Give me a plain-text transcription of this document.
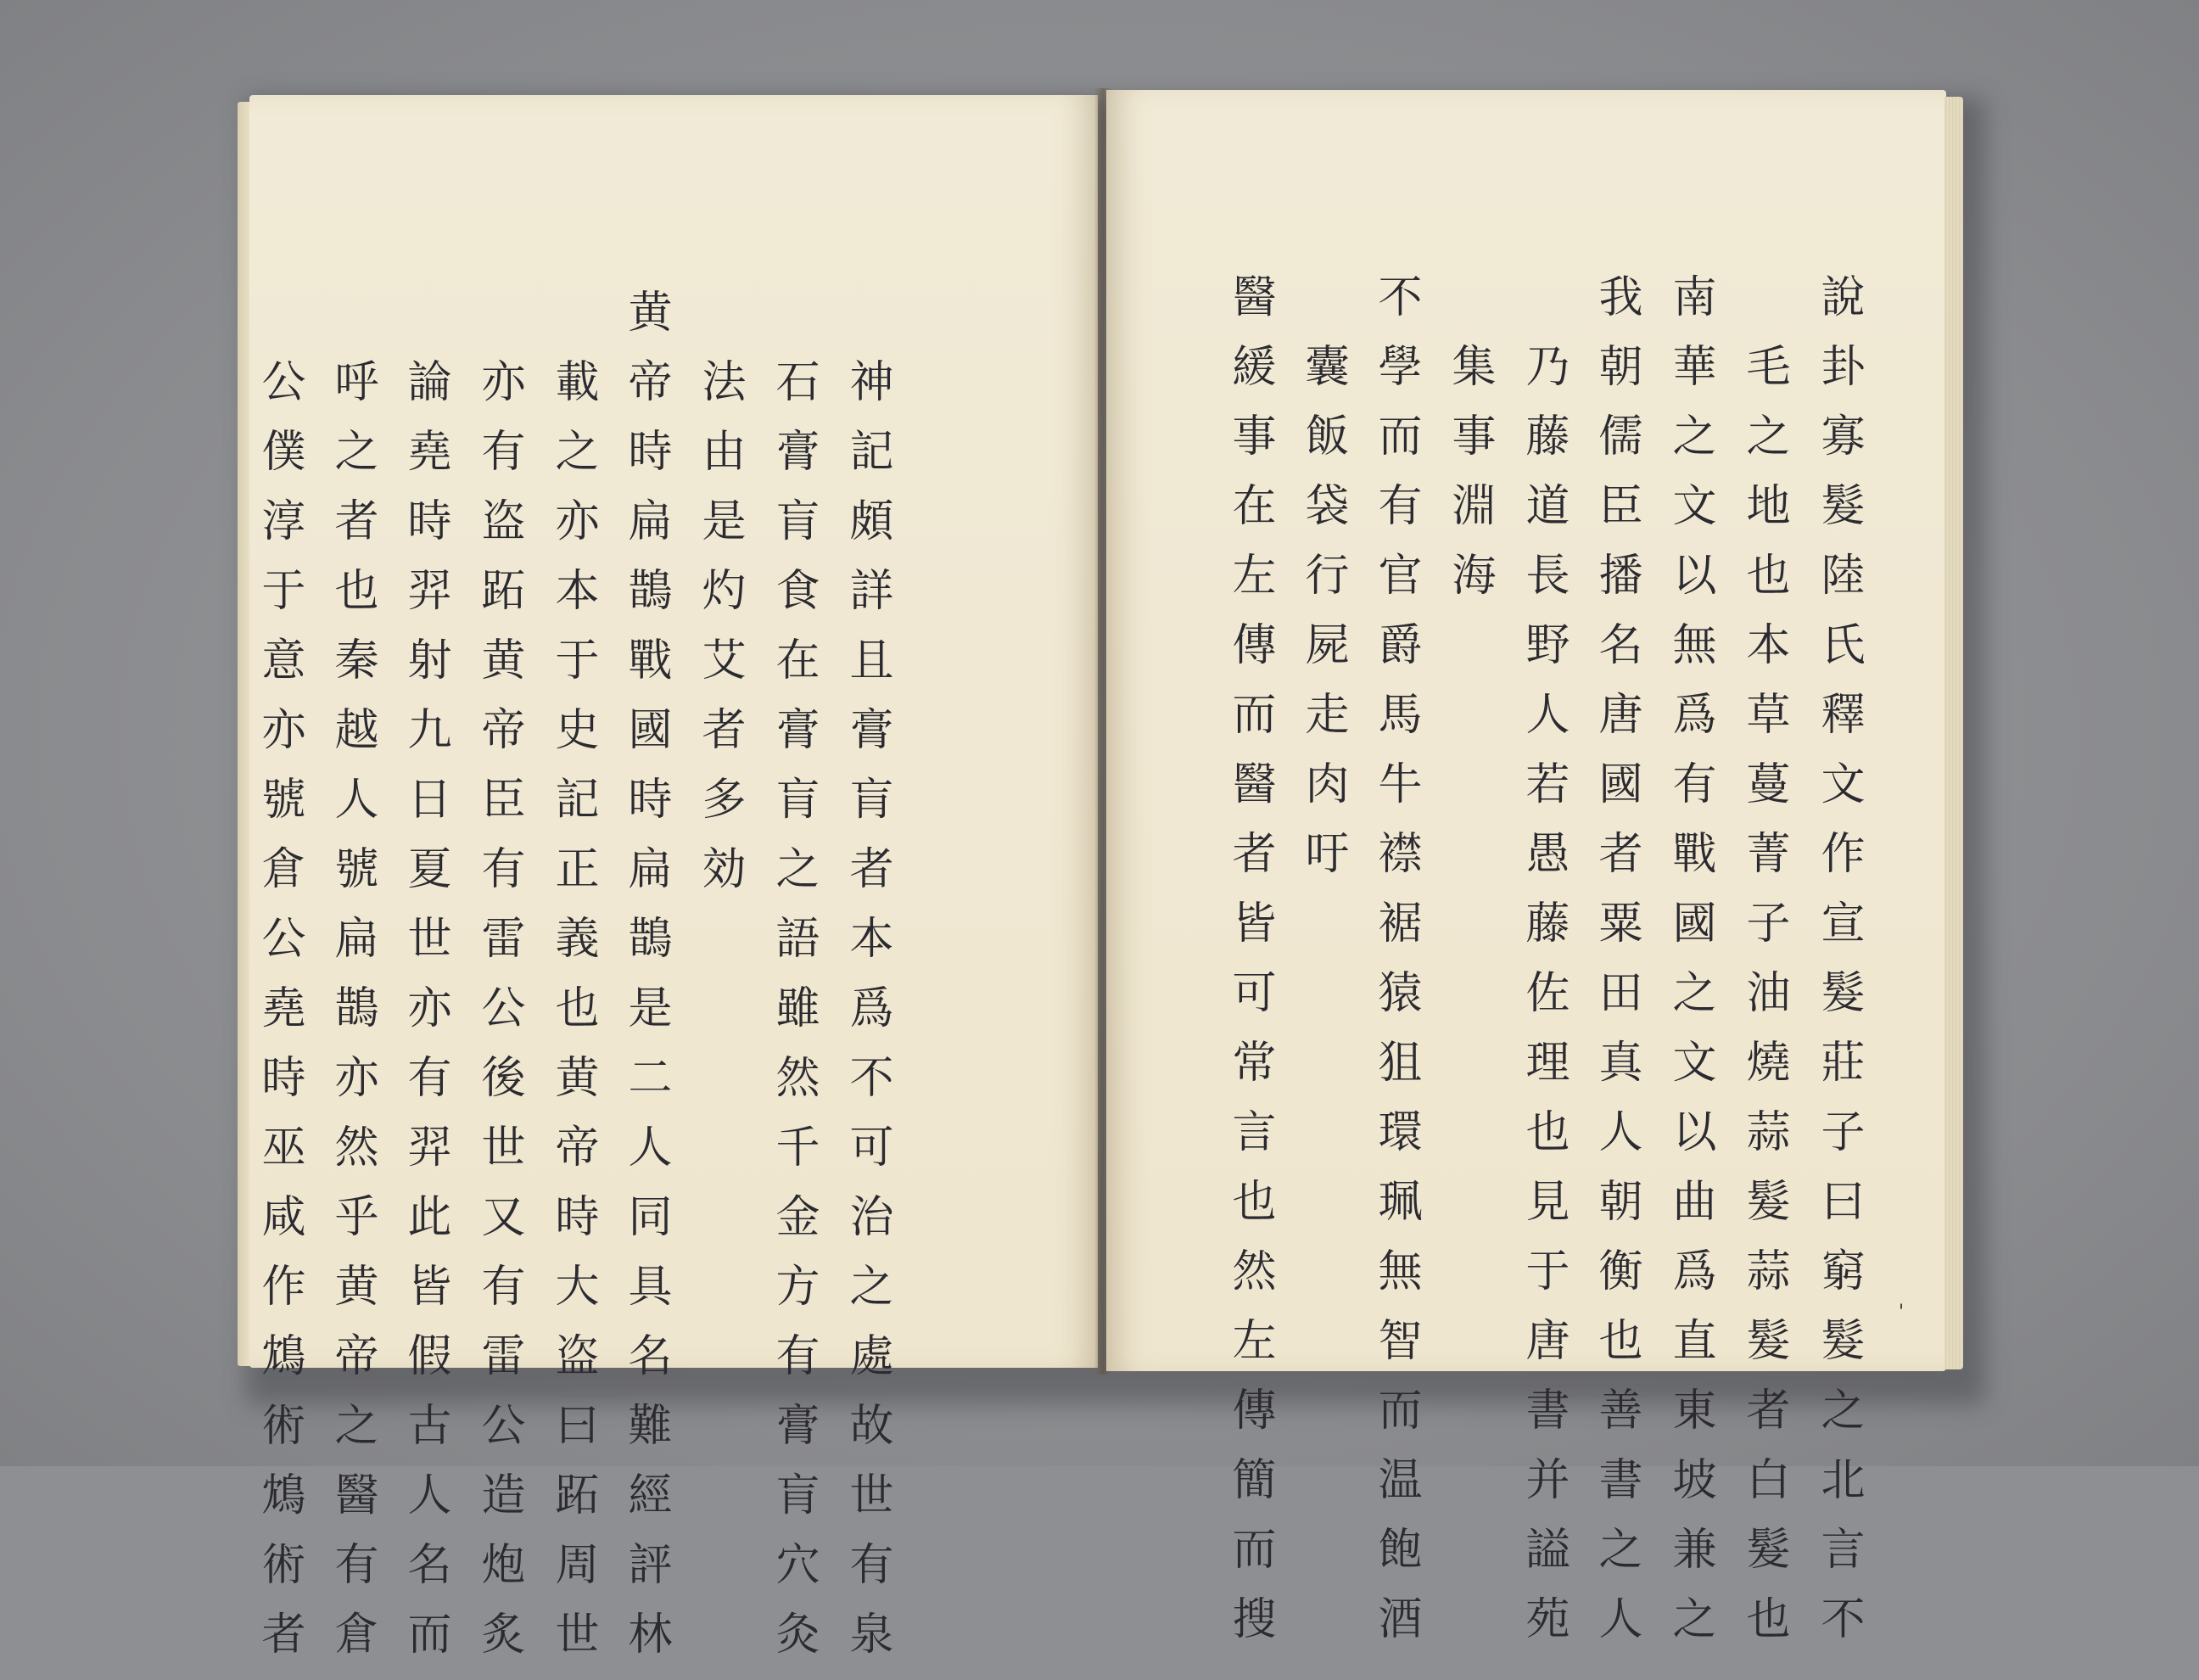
神記頗詳且膏肓者本爲不可治之處故世有泉
石膏肓食在膏肓之語雖然千金方有膏肓穴灸
法由是灼艾者多効
黄帝時扁鵲戰國時扁鵲是二人同具名難經評林
載之亦本于史記正義也黄帝時大盗曰跖周世
亦有盗跖黄帝臣有雷公後世又有雷公造炮炙
論堯時羿射九日夏世亦有羿此皆假古人名而
呼之者也秦越人號扁鵲亦然乎黄帝之醫有倉
公僕淳于意亦號倉公堯時巫咸作鴆術鴆術者	說卦寡髮陸氏釋文作宣髮莊子曰窮髮之北言不
毛之地也本草蔓菁子油燒蒜髮蒜髮者白髮也
南華之文以無爲有戰國之文以曲爲直東坡兼之
我朝儒臣播名唐國者粟田真人朝衡也善書之人
乃藤道長野人若愚藤佐理也見于唐書并謚苑
集事淵海
不學而有官爵馬牛襟裾猿狙環珮無智而温飽酒
囊飯袋行屍走肉吁
醫緩事在左傳而醫者皆可常言也然左傳簡而搜	'
